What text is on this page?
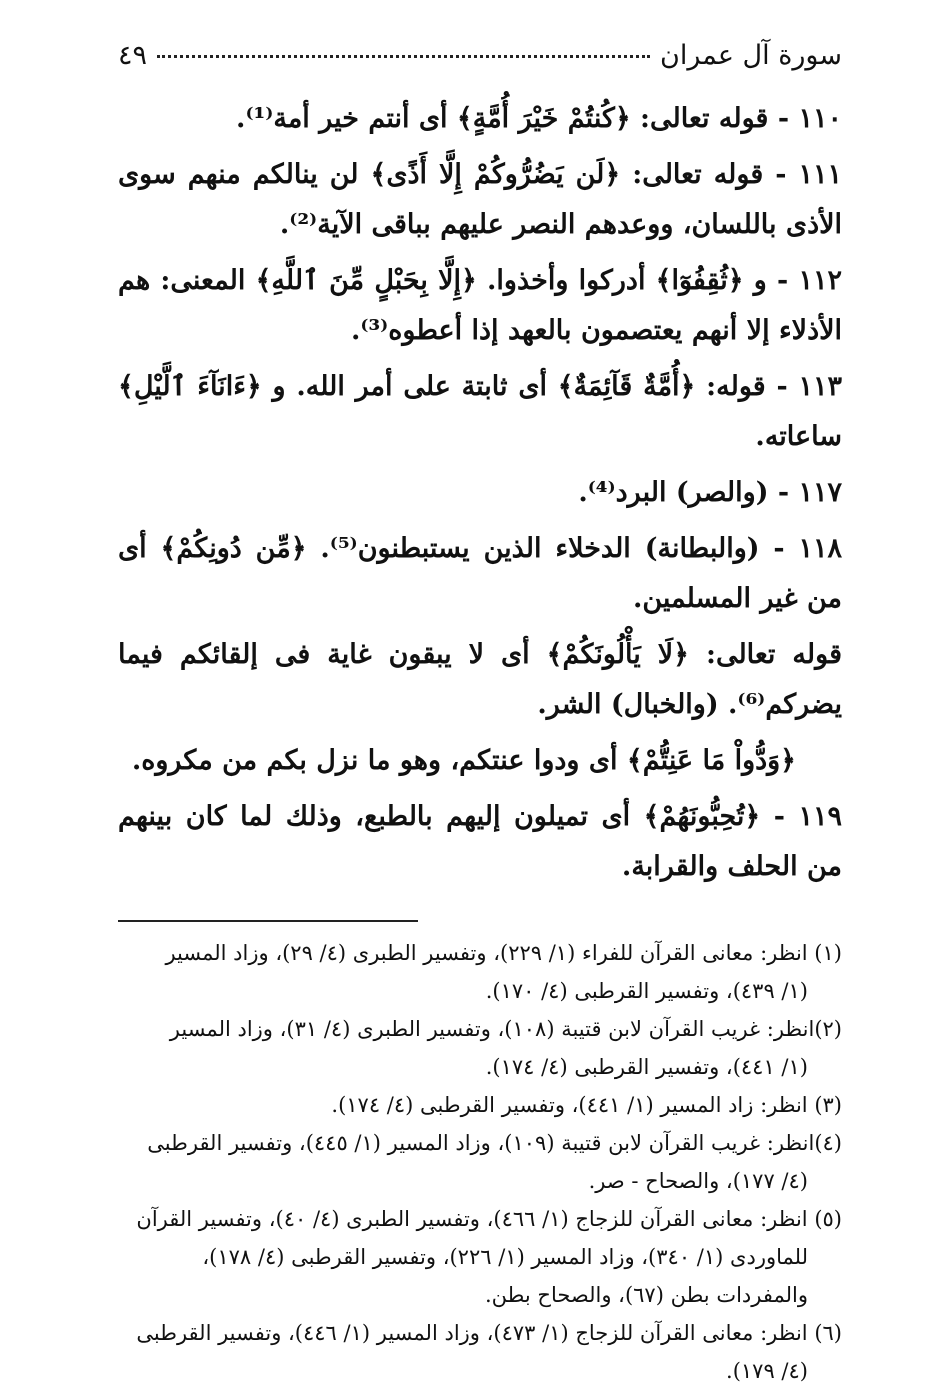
سورة آل عمران
٤٩

١١٠ - قوله تعالى: ﴿كُنتُمْ خَيْرَ أُمَّةٍ﴾ أى أنتم خير أمة⁽¹⁾.

١١١ - قوله تعالى: ﴿لَن يَضُرُّوكُمْ إِلَّا أَذًى﴾ لن ينالكم منهم سوى الأذى باللسان، ووعدهم النصر عليهم بباقى الآية⁽²⁾.

١١٢ - و ﴿ثُقِفُوٓا﴾ أدركوا وأخذوا. ﴿إِلَّا بِحَبْلٍ مِّنَ ٱللَّهِ﴾ المعنى: هم الأذلاء إلا أنهم يعتصمون بالعهد إذا أعطوه⁽³⁾.

١١٣ - قوله: ﴿أُمَّةٌ قَآئِمَةٌ﴾ أى ثابتة على أمر الله. و ﴿ءَانَآءَ ٱلَّيْلِ﴾ ساعاته.

١١٧ - (والصر) البرد⁽⁴⁾.

١١٨ - (والبطانة) الدخلاء الذين يستبطنون⁽⁵⁾. ﴿مِّن دُونِكُمْ﴾ أى من غير المسلمين.

قوله تعالى: ﴿لَا يَأْلُونَكُمْ﴾ أى لا يبقون غاية فى إلقائكم فيما يضركم⁽⁶⁾. (والخبال) الشر.

﴿وَدُّواْ مَا عَنِتُّمْ﴾ أى ودوا عنتكم، وهو ما نزل بكم من مكروه.

١١٩ - ﴿تُحِبُّونَهُمْ﴾ أى تميلون إليهم بالطبع، وذلك لما كان بينهم من الحلف والقرابة.

(١) انظر: معانى القرآن للفراء (١/ ٢٢٩)، وتفسير الطبرى (٤/ ٢٩)، وزاد المسير
(١/ ٤٣٩)، وتفسير القرطبى (٤/ ١٧٠).

(٢)انظر: غريب القرآن لابن قتيبة (١٠٨)، وتفسير الطبرى (٤/ ٣١)، وزاد المسير
(١/ ٤٤١)، وتفسير القرطبى (٤/ ١٧٤).

(٣) انظر: زاد المسير (١/ ٤٤١)، وتفسير القرطبى (٤/ ١٧٤).

(٤)انظر: غريب القرآن لابن قتيبة (١٠٩)، وزاد المسير (١/ ٤٤٥)، وتفسير القرطبى
(٤/ ١٧٧)، والصحاح - صر.

(٥) انظر: معانى القرآن للزجاج (١/ ٤٦٦)، وتفسير الطبرى (٤/ ٤٠)، وتفسير القرآن
للماوردى (١/ ٣٤٠)، وزاد المسير (١/ ٢٢٦)، وتفسير القرطبى (٤/ ١٧٨)،
والمفردات بطن (٦٧)، والصحاح بطن.

(٦) انظر: معانى القرآن للزجاج (١/ ٤٧٣)، وزاد المسير (١/ ٤٤٦)، وتفسير القرطبى
(٤/ ١٧٩).
